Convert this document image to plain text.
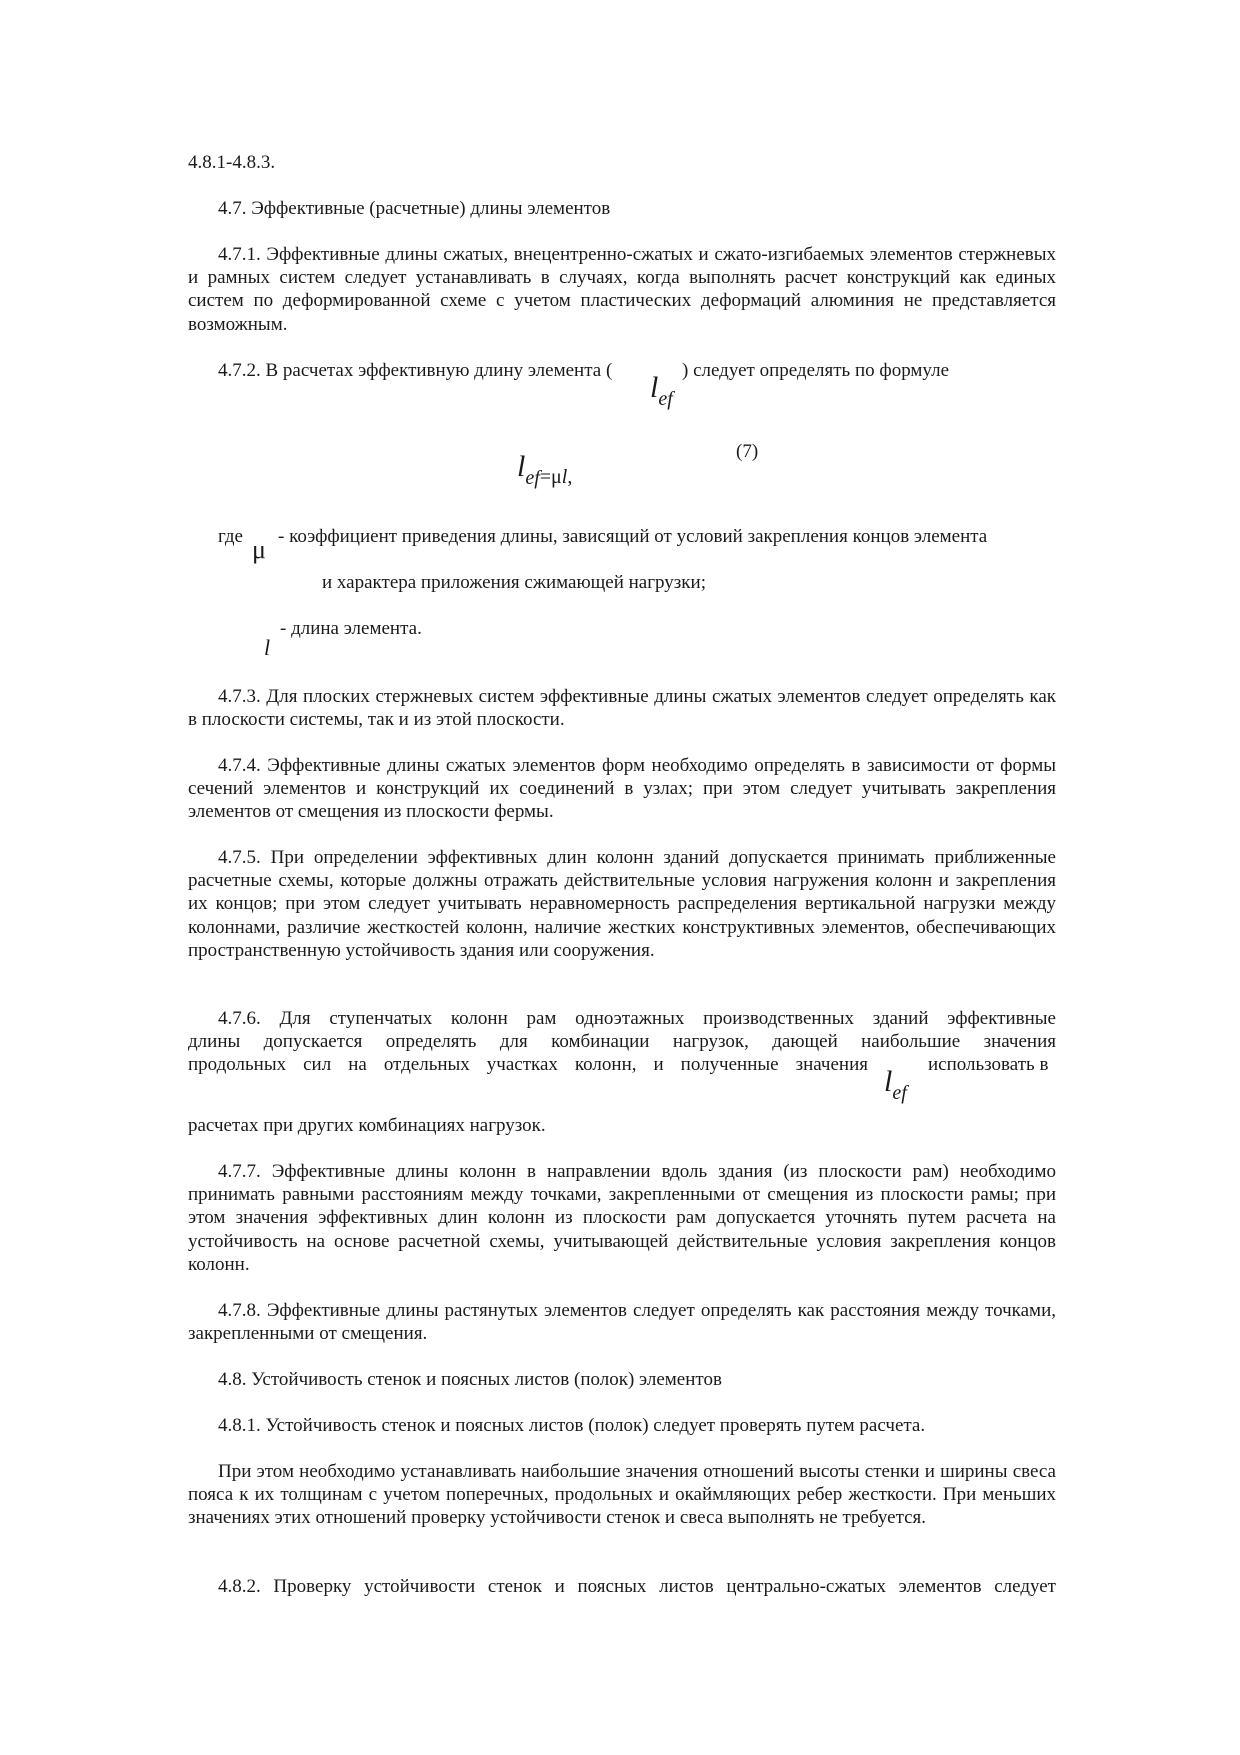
4.8.1-4.8.3.
4.7. Эффективные (расчетные) длины элементов
4.7.1. Эффективные длины сжатых, внецентренно-сжатых и сжато-изгибаемых элементов стержневых и рамных систем следует устанавливать в случаях, когда выполнять расчет конструкций как единых систем по деформированной схеме с учетом пластических деформаций алюминия не представляется возможным.
4.7.2. В расчетах эффективную длину элемента (	) следует определять по формуле
lef
(7)
lef=μl,
где μ - коэффициент приведения длины, зависящий от условий закрепления концов элемента
и характера приложения сжимающей нагрузки;
- длина элемента.
l
4.7.3. Для плоских стержневых систем эффективные длины сжатых элементов следует определять как в плоскости системы, так и из этой плоскости.
4.7.4. Эффективные длины сжатых элементов форм необходимо определять в зависимости от формы сечений элементов и конструкций их соединений в узлах; при этом следует учитывать закрепления элементов от смещения из плоскости фермы.
4.7.5. При определении эффективных длин колонн зданий допускается принимать приближенные расчетные схемы, которые должны отражать действительные условия нагружения колонн и закрепления их концов; при этом следует учитывать неравномерность распределения вертикальной нагрузки между колоннами, различие жесткостей колонн, наличие жестких конструктивных элементов, обеспечивающих пространственную устойчивость здания или сооружения.
4.7.6. Для ступенчатых колонн рам одноэтажных производственных зданий эффективные
длины допускается определять для комбинации нагрузок, дающей наибольшие значения
продольных сил на отдельных участках колонн, и полученные значения	использовать в
lef
расчетах при других комбинациях нагрузок.
4.7.7. Эффективные длины колонн в направлении вдоль здания (из плоскости рам) необходимо принимать равными расстояниям между точками, закрепленными от смещения из плоскости рамы; при этом значения эффективных длин колонн из плоскости рам допускается уточнять путем расчета на устойчивость на основе расчетной схемы, учитывающей действительные условия закрепления концов колонн.
4.7.8. Эффективные длины растянутых элементов следует определять как расстояния между точками, закрепленными от смещения.
4.8. Устойчивость стенок и поясных листов (полок) элементов
4.8.1. Устойчивость стенок и поясных листов (полок) следует проверять путем расчета.
При этом необходимо устанавливать наибольшие значения отношений высоты стенки и ширины свеса пояса к их толщинам с учетом поперечных, продольных и окаймляющих ребер жесткости. При меньших значениях этих отношений проверку устойчивости стенок и свеса выполнять не требуется.
4.8.2. Проверку устойчивости стенок и поясных листов центрально-сжатых элементов следует
